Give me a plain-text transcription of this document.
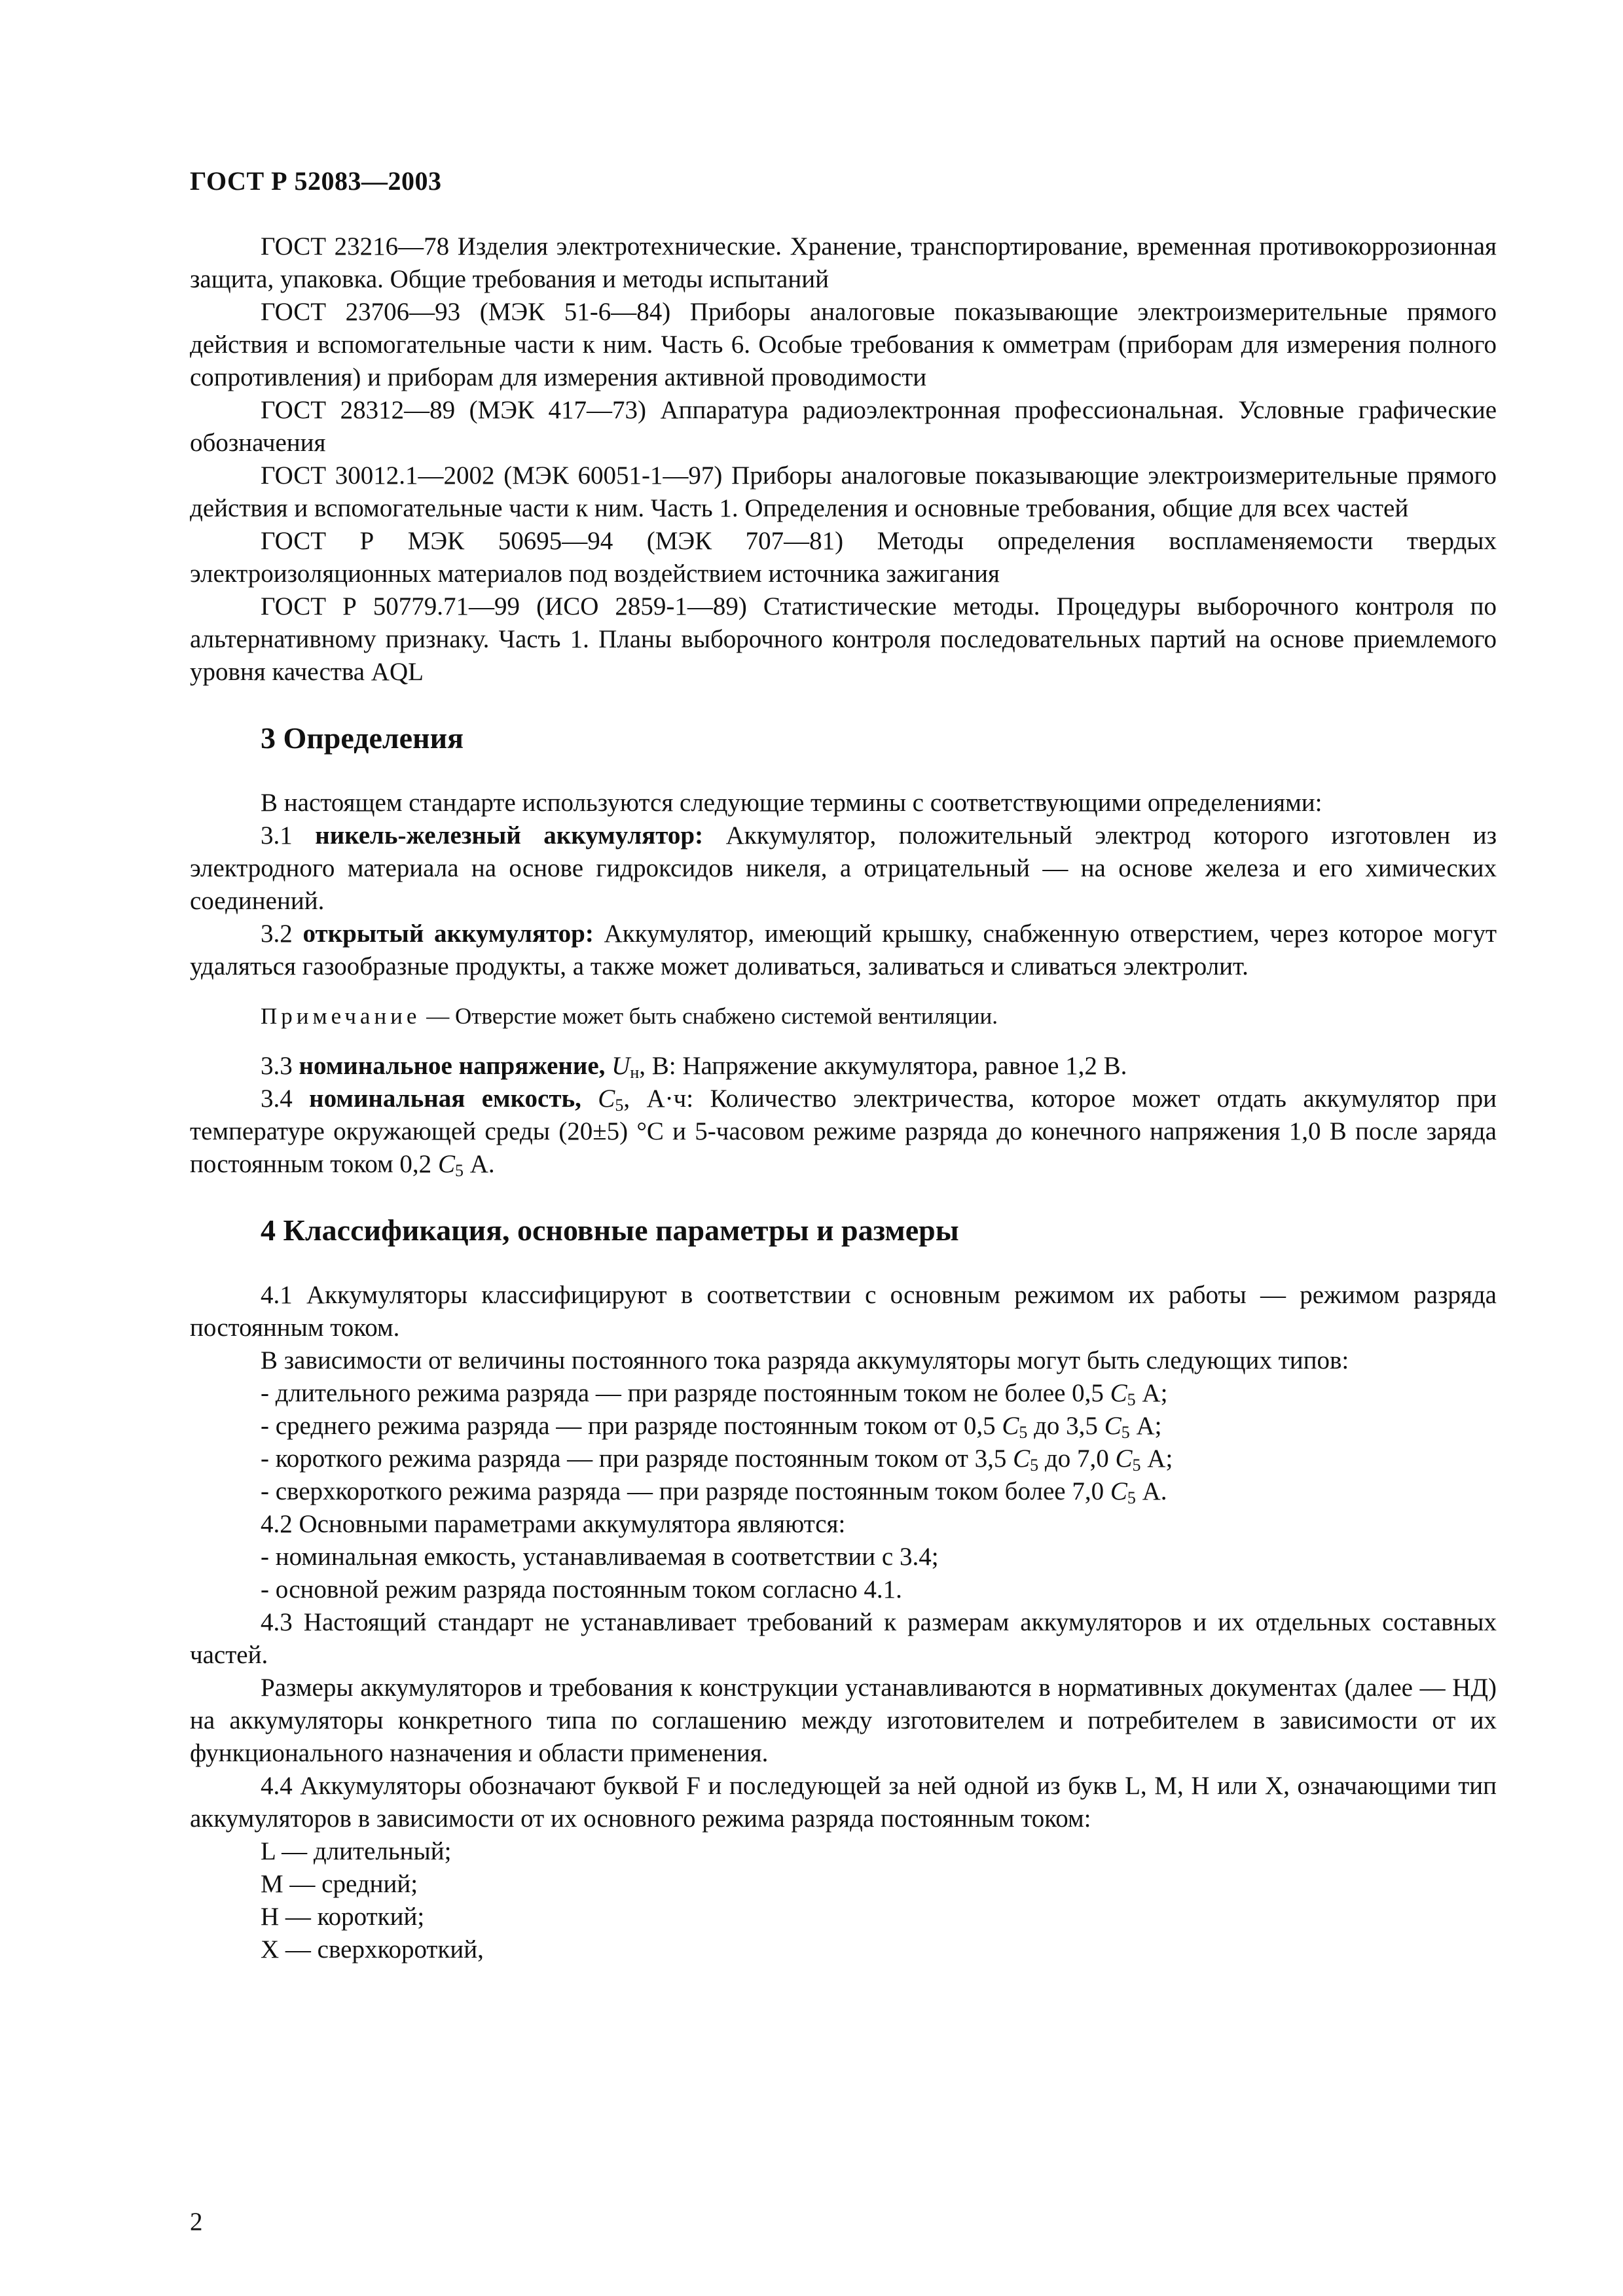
ГОСТ Р 52083—2003

ГОСТ 23216—78 Изделия электротехнические. Хранение, транспортирование, временная противокоррозионная защита, упаковка. Общие требования и методы испытаний

ГОСТ 23706—93 (МЭК 51-6—84) Приборы аналоговые показывающие электроизмерительные прямого действия и вспомогательные части к ним. Часть 6. Особые требования к омметрам (приборам для измерения полного сопротивления) и приборам для измерения активной проводимости

ГОСТ 28312—89 (МЭК 417—73) Аппаратура радиоэлектронная профессиональная. Условные графические обозначения

ГОСТ 30012.1—2002 (МЭК 60051-1—97) Приборы аналоговые показывающие электроизмерительные прямого действия и вспомогательные части к ним. Часть 1. Определения и основные требования, общие для всех частей

ГОСТ Р МЭК 50695—94 (МЭК 707—81) Методы определения воспламеняемости твердых электроизоляционных материалов под воздействием источника зажигания

ГОСТ Р 50779.71—99 (ИСО 2859-1—89) Статистические методы. Процедуры выборочного контроля по альтернативному признаку. Часть 1. Планы выборочного контроля последовательных партий на основе приемлемого уровня качества AQL

3 Определения

В настоящем стандарте используются следующие термины с соответствующими определениями:

3.1 никель-железный аккумулятор: Аккумулятор, положительный электрод которого изготовлен из электродного материала на основе гидроксидов никеля, а отрицательный — на основе железа и его химических соединений.

3.2 открытый аккумулятор: Аккумулятор, имеющий крышку, снабженную отверстием, через которое могут удаляться газообразные продукты, а также может доливаться, заливаться и сливаться электролит.

Примечание — Отверстие может быть снабжено системой вентиляции.

3.3 номинальное напряжение, $U_н$, В: Напряжение аккумулятора, равное 1,2 В.

3.4 номинальная емкость, $C_5$, А·ч: Количество электричества, которое может отдать аккумулятор при температуре окружающей среды (20±5) °С и 5-часовом режиме разряда до конечного напряжения 1,0 В после заряда постоянным током 0,2 $C_5$ А.

4 Классификация, основные параметры и размеры

4.1 Аккумуляторы классифицируют в соответствии с основным режимом их работы — режимом разряда постоянным током.

В зависимости от величины постоянного тока разряда аккумуляторы могут быть следующих типов:

- длительного режима разряда — при разряде постоянным током не более 0,5 $C_5$ А;

- среднего режима разряда — при разряде постоянным током от 0,5 $C_5$ до 3,5 $C_5$ А;

- короткого режима разряда — при разряде постоянным током от 3,5 $C_5$ до 7,0 $C_5$ А;

- сверхкороткого режима разряда — при разряде постоянным током более 7,0 $C_5$ А.

4.2 Основными параметрами аккумулятора являются:

- номинальная емкость, устанавливаемая в соответствии с 3.4;

- основной режим разряда постоянным током согласно 4.1.

4.3 Настоящий стандарт не устанавливает требований к размерам аккумуляторов и их отдельных составных частей.

Размеры аккумуляторов и требования к конструкции устанавливаются в нормативных документах (далее — НД) на аккумуляторы конкретного типа по соглашению между изготовителем и потребителем в зависимости от их функционального назначения и области применения.

4.4 Аккумуляторы обозначают буквой F и последующей за ней одной из букв L, M, H или X, означающими тип аккумуляторов в зависимости от их основного режима разряда постоянным током:

L — длительный;

M — средний;

H — короткий;

X — сверхкороткий,

2
